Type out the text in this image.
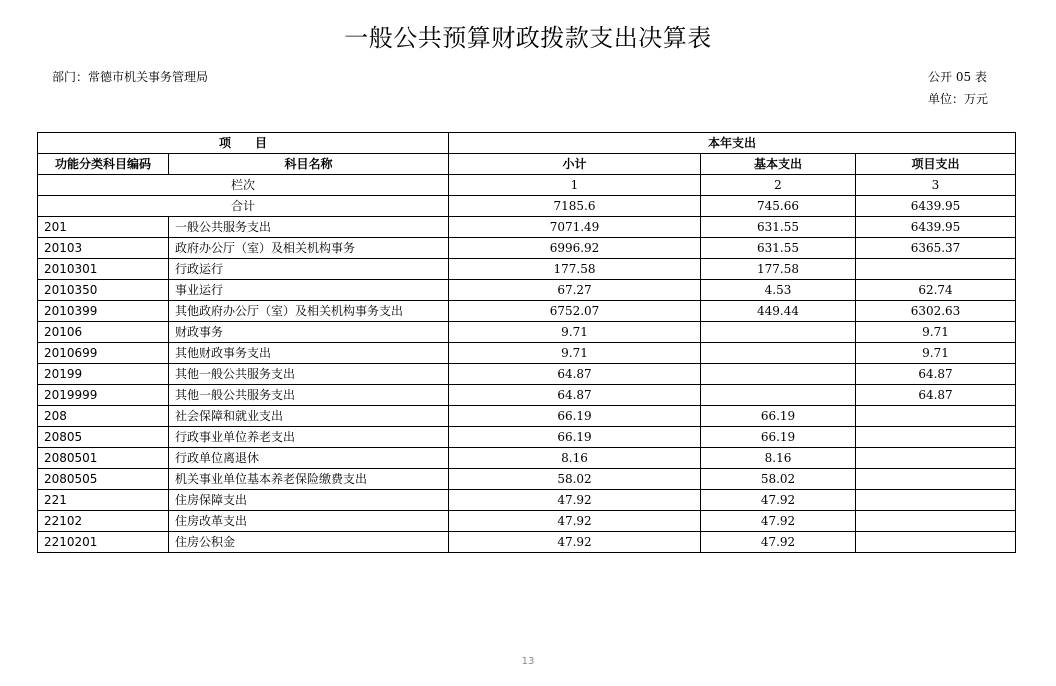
一般公共预算财政拨款支出决算表
部门：常德市机关事务管理局	公开 05 表
单位：万元
项　　目		本年支出		
功能分类科目编码	科目名称	小计	基本支出	项目支出
栏次		1	2	3
合计		7185.6	745.66	6439.95
201	一般公共服务支出	7071.49	631.55	6439.95
20103	政府办公厅（室）及相关机构事务	6996.92	631.55	6365.37
2010301	行政运行	177.58	177.58	
2010350	事业运行	67.27	4.53	62.74
2010399	其他政府办公厅（室）及相关机构事务支出	6752.07	449.44	6302.63
20106	财政事务	9.71		9.71
2010699	其他财政事务支出	9.71		9.71
20199	其他一般公共服务支出	64.87		64.87
2019999	其他一般公共服务支出	64.87		64.87
208	社会保障和就业支出	66.19	66.19	
20805	行政事业单位养老支出	66.19	66.19	
2080501	行政单位离退休	8.16	8.16	
2080505	机关事业单位基本养老保险缴费支出	58.02	58.02	
221	住房保障支出	47.92	47.92	
22102	住房改革支出	47.92	47.92	
2210201	住房公积金	47.92	47.92	
13
